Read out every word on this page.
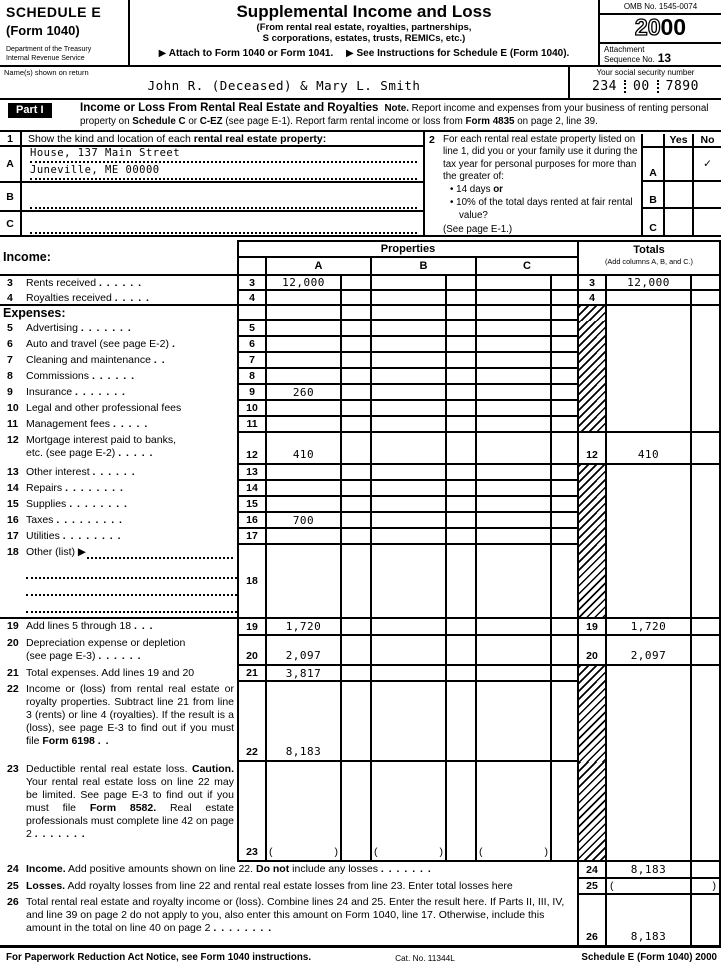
SCHEDULE E
(Form 1040)
Department of the Treasury
Internal Revenue Service
Supplemental Income and Loss
(From rental real estate, royalties, partnerships,
S corporations, estates, trusts, REMICs, etc.)
▶ Attach to Form 1040 or Form 1041. ▶ See Instructions for Schedule E (Form 1040).
OMB No. 1545-0074
2000
Attachment
Sequence No. 13
Name(s) shown on return
John R. (Deceased) & Mary L. Smith
Your social security number
234 00 7890
Part I	Income or Loss From Rental Real Estate and Royalties Note. Report income and expenses from your business of renting personal property on Schedule C or C-EZ (see page E-1). Report farm rental income or loss from Form 4835 on page 2, line 39.
1	Show the kind and location of each rental real estate property:
A
House, 137 Main Street
Juneville, ME 00000
B
C
2 For each rental real estate property listed on line 1, did you or your family use it during the tax year for personal purposes for more than the greater of:
• 14 days or
• 10% of the total days rented at fair rental value?
(See page E-1.)
Yes	No
A
✓
B
C
Income:
Properties
A	B	C
Totals
(Add columns A, B, and C.)
3	Rents received . . . . . .	3	12,000	3	12,000
4	Royalties received . . . . .	4	4
Expenses:
5	Advertising . . . . . . .	5
6	Auto and travel (see page E-2) .	6
7	Cleaning and maintenance . .	7
8	Commissions . . . . . .	8
9	Insurance . . . . . . .	9	260
10 Legal and other professional fees	10
11 Management fees . . . . .	11
12 Mortgage interest paid to banks,
etc. (see page E-2) . . . . .	12	410	12	410
13 Other interest . . . . . .	13
14 Repairs . . . . . . . .	14
15 Supplies . . . . . . . .	15
16 Taxes . . . . . . . . .	16	700
17 Utilities . . . . . . . .	17
18 Other (list) ▶
18
19 Add lines 5 through 18 . . .	19	1,720	19	1,720
20 Depreciation expense or depletion
(see page E-3) . . . . . .	20	2,097	20	2,097
21 Total expenses. Add lines 19 and 20	21	3,817
22 Income or (loss) from rental real estate or royalty properties. Subtract line 21 from line 3 (rents) or line 4 (royalties). If the result is a (loss), see page E-3 to find out if you must file Form 6198 . .
22	8,183
23 Deductible rental real estate loss. Caution. Your rental real estate loss on line 22 may be limited. See page E-3 to find out if you must file Form 8582. Real estate professionals must complete line 42 on page 2 . . . . . . .
23	(	)	(	)	(	)
24 Income. Add positive amounts shown on line 22. Do not include any losses . . . . . . .	24	8,183
25 Losses. Add royalty losses from line 22 and rental real estate losses from line 23. Enter total losses here	25	(	)
26 Total rental real estate and royalty income or (loss). Combine lines 24 and 25. Enter the result here. If Parts II, III, IV, and line 39 on page 2 do not apply to you, also enter this amount on Form 1040, line 17. Otherwise, include this amount in the total on line 40 on page 2 . . . . . . . .
26	8,183
For Paperwork Reduction Act Notice, see Form 1040 instructions.	Cat. No. 11344L	Schedule E (Form 1040) 2000
